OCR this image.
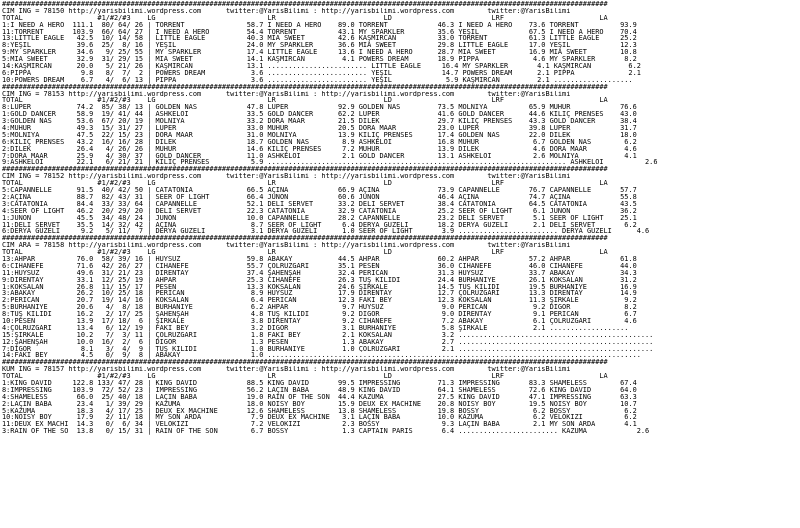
##################################################################################################################################################
CIM ING = 78150 http://yarisbilimi.wordpress.com      twitter:@YarisBilimi : http://yarisbilimi.wordpress.com        twitter:@YarisBilimi
TOTAL                  #1/#2/#3    LG                           LR                          LD                        LRF                       LA
1:I NEED A HERO  111.1  80/ 64/ 26 | TORRENT               58.7 I NEED A HERO    89.0 TORRENT            46.3 I NEED A HERO    73.6 TORRENT          93.9
11:TORRENT       103.9  66/ 64/ 27 | I NEED A HERO         54.4 TORRENT          43.1 MY SPARKLER        35.6 YEŞİL            67.5 I NEED A HERO    70.4
13:LITTLE EAGLE   42.5  10/ 14/ 58 | LITTLE EAGLE          40.3 MIA SWEET        42.6 KAŞMİRCAN          33.0 TORRENT          61.3 LITTLE EAGLE     25.2
8:YEŞİL           39.6  25/  8/ 16 | YEŞİL                 24.0 MY SPARKLER      36.6 MIA SWEET          29.8 LITTLE EAGLE     17.0 YEŞİL            12.3
9:MY SPARKLER     34.6   9/ 25/ 55 | MY SPARKLER           17.4 LITTLE EAGLE     13.6 I NEED A HERO      28.7 MIA SWEET        16.9 MIA SWEET        10.8
5:MIA SWEET       32.9  31/ 29/ 15 | MIA SWEET             14.1 KAŞMİRCAN         4.1 POWERS DREAM       18.9 PİPPA             4.6 MY SPARKLER       8.2
14:KAŞMİRCAN      20.0   5/ 21/ 26 | KAŞMİRCAN             13.1 ........................ LITTLE EAGLE     16.4 MY SPARKLER       4.1 KAŞMİRCAN         6.2
6:PİPPA            9.8   8/  7/  2 | POWERS DREAM           3.6 ........................ YEŞİL            14.7 POWERS DREAM      2.1 PİPPA             2.1
10:POWERS DREAM    6.7   4/  6/ 13 | PİPPA                  3.6 ........................ YEŞİL             5.9 KAŞMİRCAN         2.1 ...................
##################################################################################################################################################
CIM ING = 78153 http://yarisbilimi.wordpress.com      twitter:@YarisBilimi : http://yarisbilimi.wordpress.com        twitter:@YarisBilimi
TOTAL                  #1/#2/#3    LG                           LR                          LD                        LRF                       LA
8:LUPER           74.2  85/ 38/ 13 | GOLDEN NAS            47.8 LUPER            92.9 GOLDEN NAS         73.5 MOLNIYA          65.9 MÜHÜR            76.6
1:GOLD DANCER     58.9  19/ 41/ 44 | ASHKELOI              33.5 GOLD DANCER      62.2 LUPER              41.6 GOLD DANCER      44.6 KILIÇ PRENSES    43.0
3:GOLDEN NAS      53.6  67/ 20/ 19 | MOLNIYA               33.2 DORA MAAR        21.5 DİLEK              29.7 KILIÇ PRENSES    43.3 GOLD DANCER      38.4
4:MÜHÜR           49.3  15/ 31/ 27 | LUPER                 33.0 MÜHÜR            20.5 DORA MAAR          23.0 LUPER            39.8 LUPER            31.7
5:MOLNIYA         47.5  22/ 15/ 23 | DORA MAAR             31.0 MOLNIYA          13.9 KILIÇ PRENSES      17.4 GOLDEN NAS       22.0 DİLEK            18.0
6:KILIÇ PRENSES   43.2  16/ 16/ 28 | DİLEK                 18.7 GOLDEN NAS        8.9 ASHKELOI           16.8 MÜHÜR             6.7 GOLDEN NAS        6.2
2:DİLEK           26.4   4/ 26/ 26 | MÜHÜR                 14.6 KILIÇ PRENSES     7.2 MÜHÜR              13.9 DİLEK             4.6 DORA MAAR         4.6
7:DORA MAAR       25.9   4/ 30/ 37 | GOLD DANCER           11.0 ASHKELOI          2.1 GOLD DANCER        13.1 ASHKELOI          2.6 MOLNIYA           4.1
9:ASHKELOI        22.1   6/ 21/ 21 | KILIÇ PRENSES          5.9 ........................................................................ ASHKELOI          2.6
##################################################################################################################################################
CIM ING = 78152 http://yarisbilimi.wordpress.com      twitter:@YarisBilimi : http://yarisbilimi.wordpress.com        twitter:@YarisBilimi
TOTAL                  #1/#2/#3    LG                           LR                          LD                        LRF                       LA
5:CAPANNELLE      91.5  40/ 42/ 50 | CATATONIA             66.5 AÇINA            66.9 AÇINA              73.9 CAPANNELLE       76.7 CAPANNELLE       57.7
2:AÇINA           88.7  82/ 43/ 31 | SEER OF LIGHT         66.4 JÜNON            60.6 JÜNON              46.4 AÇINA            74.7 AÇINA            55.8
3:CATATONIA       84.4  33/ 33/ 64 | CAPANNELLE            52.1 DELİ SERVET      33.2 DELİ SERVET        38.4 CATATONIA        64.5 CATATONIA        43.5
4:SEER OF LIGHT   46.2  20/ 29/ 20 | DELİ SERVET           22.3 CATATONIA        32.9 CATATONIA          25.2 SEER OF LIGHT     6.1 JÜNON            36.2
1:JÜNON           45.5  34/ 48/ 24 | JÜNON                 10.0 CAPANNELLE       28.2 CAPANNELLE         23.2 DELİ SERVET       5.1 SEER OF LIGHT    25.1
11:DELİ SERVET    35.5  14/ 32/ 42 | AÇINA                  8.7 SEER OF LIGHT     6.4 DERYA GÜZELİ       18.2 DERYA GÜZELİ      2.1 DELİ SERVET       6.2
6:DERYA GÜZELİ     9.2   5/ 11/  7 | DERYA GÜZELİ           3.1 DERYA GÜZELİ      1.0 SEER OF LIGHT       3.9 ........................ DERYA GÜZELİ      4.6
##################################################################################################################################################
CIM ARA = 78158 http://yarisbilimi.wordpress.com      twitter:@YarisBilimi : http://yarisbilimi.wordpress.com        twitter:@YarisBilimi
TOTAL                  #1/#2/#3    LG                           LR                          LD                        LRF                       LA
13:AHPAR          76.0  58/ 39/ 16 | HUYSUZ                59.8 ABAKAY           44.5 AHPAR              60.2 AHPAR            57.2 AHPAR            61.8
6:CİHANEFE        71.6  42/ 26/ 27 | CİHANEFE              55.7 ÇOLRUZGARI       35.1 PESEN              36.0 CİHANEFE         46.0 CİHANEFE         44.0
11:HUYSUZ         49.6  31/ 21/ 23 | DİRENTAY              37.4 ŞAHENŞAH         32.4 PERİCAN            31.3 HUYSUZ           33.7 ABAKAY           34.3
9:DİRENTAY        33.1  12/ 25/ 19 | AHPAR                 25.3 CİHANEFE         26.3 TUŞ KILIDI         24.4 BURHANİYE        26.1 KÖKSALAN         31.2
1:KÖKSALAN        26.8  11/ 15/ 17 | PESEN                 13.3 KÖKSALAN         24.6 ŞİRKALE            14.5 TUŞ KILIDI       19.5 BURHANİYE        16.9
3:ABAKAY          26.2  10/ 25/ 18 | PERİCAN                8.9 HUYSUZ           17.9 DİRENTAY           12.7 ÇOLRUZGARI       13.3 DİRENTAY         14.9
2:PERİCAN         20.7  19/ 14/ 16 | KÖKSALAN               6.4 PERİCAN          12.3 FAKI BEY           12.3 KÖKSALAN         11.3 ŞİRKALE           9.2
5:BURHANİYE       20.6   4/  8/ 18 | BURHANİYE              6.2 AHPAR             9.7 HUYSUZ              9.0 PERİCAN           9.2 DİGOR             8.2
8:TUŞ KILIDI      16.2   2/ 17/ 25 | ŞAHENŞAH               4.8 TUŞ KILIDI        9.2 DİGOR               9.0 DİRENTAY          9.1 PERİCAN           6.7
10:PESEN          13.9  17/ 18/  6 | ŞİRKALE                3.8 DİRENTAY          9.2 CİHANEFE            7.2 ABAKAY            6.1 ÇOLRUZGARI        4.6
4:ÇOLRUZGARI      13.4   6/ 12/ 19 | FAKI BEY               3.2 DİGOR             3.1 BURHANİYE           5.8 ŞİRKALE           2.1 ...................
15:ŞİRKALE        10.2   7/  3/ 11 | ÇOLRUZGARI             1.8 FAKI BEY          2.1 KÖKSALAN            3.2 ...............................................
12:ŞAHENŞAH       10.0  16/  2/  6 | DİGOR                  1.3 PESEN             1.3 ABAKAY              2.7 ...............................................
7:DİGOR            8.1   3/  4/  9 | TUŞ KILIDI             1.0 BURHANİYE         1.0 ÇOLRUZGARI          2.1 ...............................................
14:FAKI BEY        4.5   0/  9/  8 | ABAKAY                 1.0 ..........................................................................................
##################################################################################################################################################
KUM ING = 78157 http://yarisbilimi.wordpress.com      twitter:@YarisBilimi : http://yarisbilimi.wordpress.com        twitter:@YarisBilimi
TOTAL                  #1/#2/#3    LG                           LR                          LD                        LRF                       LA
1:KING DAVID     122.8 133/ 47/ 28 | KING DAVID            88.5 KING DAVID       99.5 IMPRESSING         71.3 IMPRESSING       83.3 SHAMELESS        67.4
8:IMPRESSING     103.9  72/ 52/ 23 | IMPRESSING            56.2 LAÇİN BABA       48.9 KING DAVID         64.1 SHAMELESS        72.6 KING DAVID       64.0
4:SHAMELESS       66.0  25/ 40/ 18 | LAÇİN BABA            19.0 RAIN OF THE SON  44.4 KAZUMA             27.5 KING DAVID       47.1 IMPRESSING       63.3
2:LAÇİN BABA      23.4   1/ 39/ 29 | KAZUMA                18.0 NOISY BOY        15.9 DEUX EX MACHINE    20.8 NOISY BOY        19.5 NOISY BOY        10.7
5:KAZUMA          18.3   4/ 17/ 25 | DEUX EX MACHINE       12.6 SHAMELESS        13.8 SHAMELESS          19.8 BOSSY             6.2 BOSSY             6.2
10:NOISY BOY      17.9   2/ 11/ 18 | MY SON ARDA            7.9 DEUX EX MACHINE   3.1 LAÇİN BABA         10.0 KAZUMA            6.2 VELOKIZI          6.2
11:DEUX EX MACHI  14.3   0/  6/ 34 | VELOKIZI               7.2 VELOKIZI          2.3 BOSSY               9.3 LAÇİN BABA        2.1 MY SON ARDA       4.1
3:RAIN OF THE SO  13.8   0/ 15/ 31 | RAIN OF THE SON        6.7 BOSSY             1.3 CAPTAIN PARIS       6.4 ........................ KAZUMA            2.6
